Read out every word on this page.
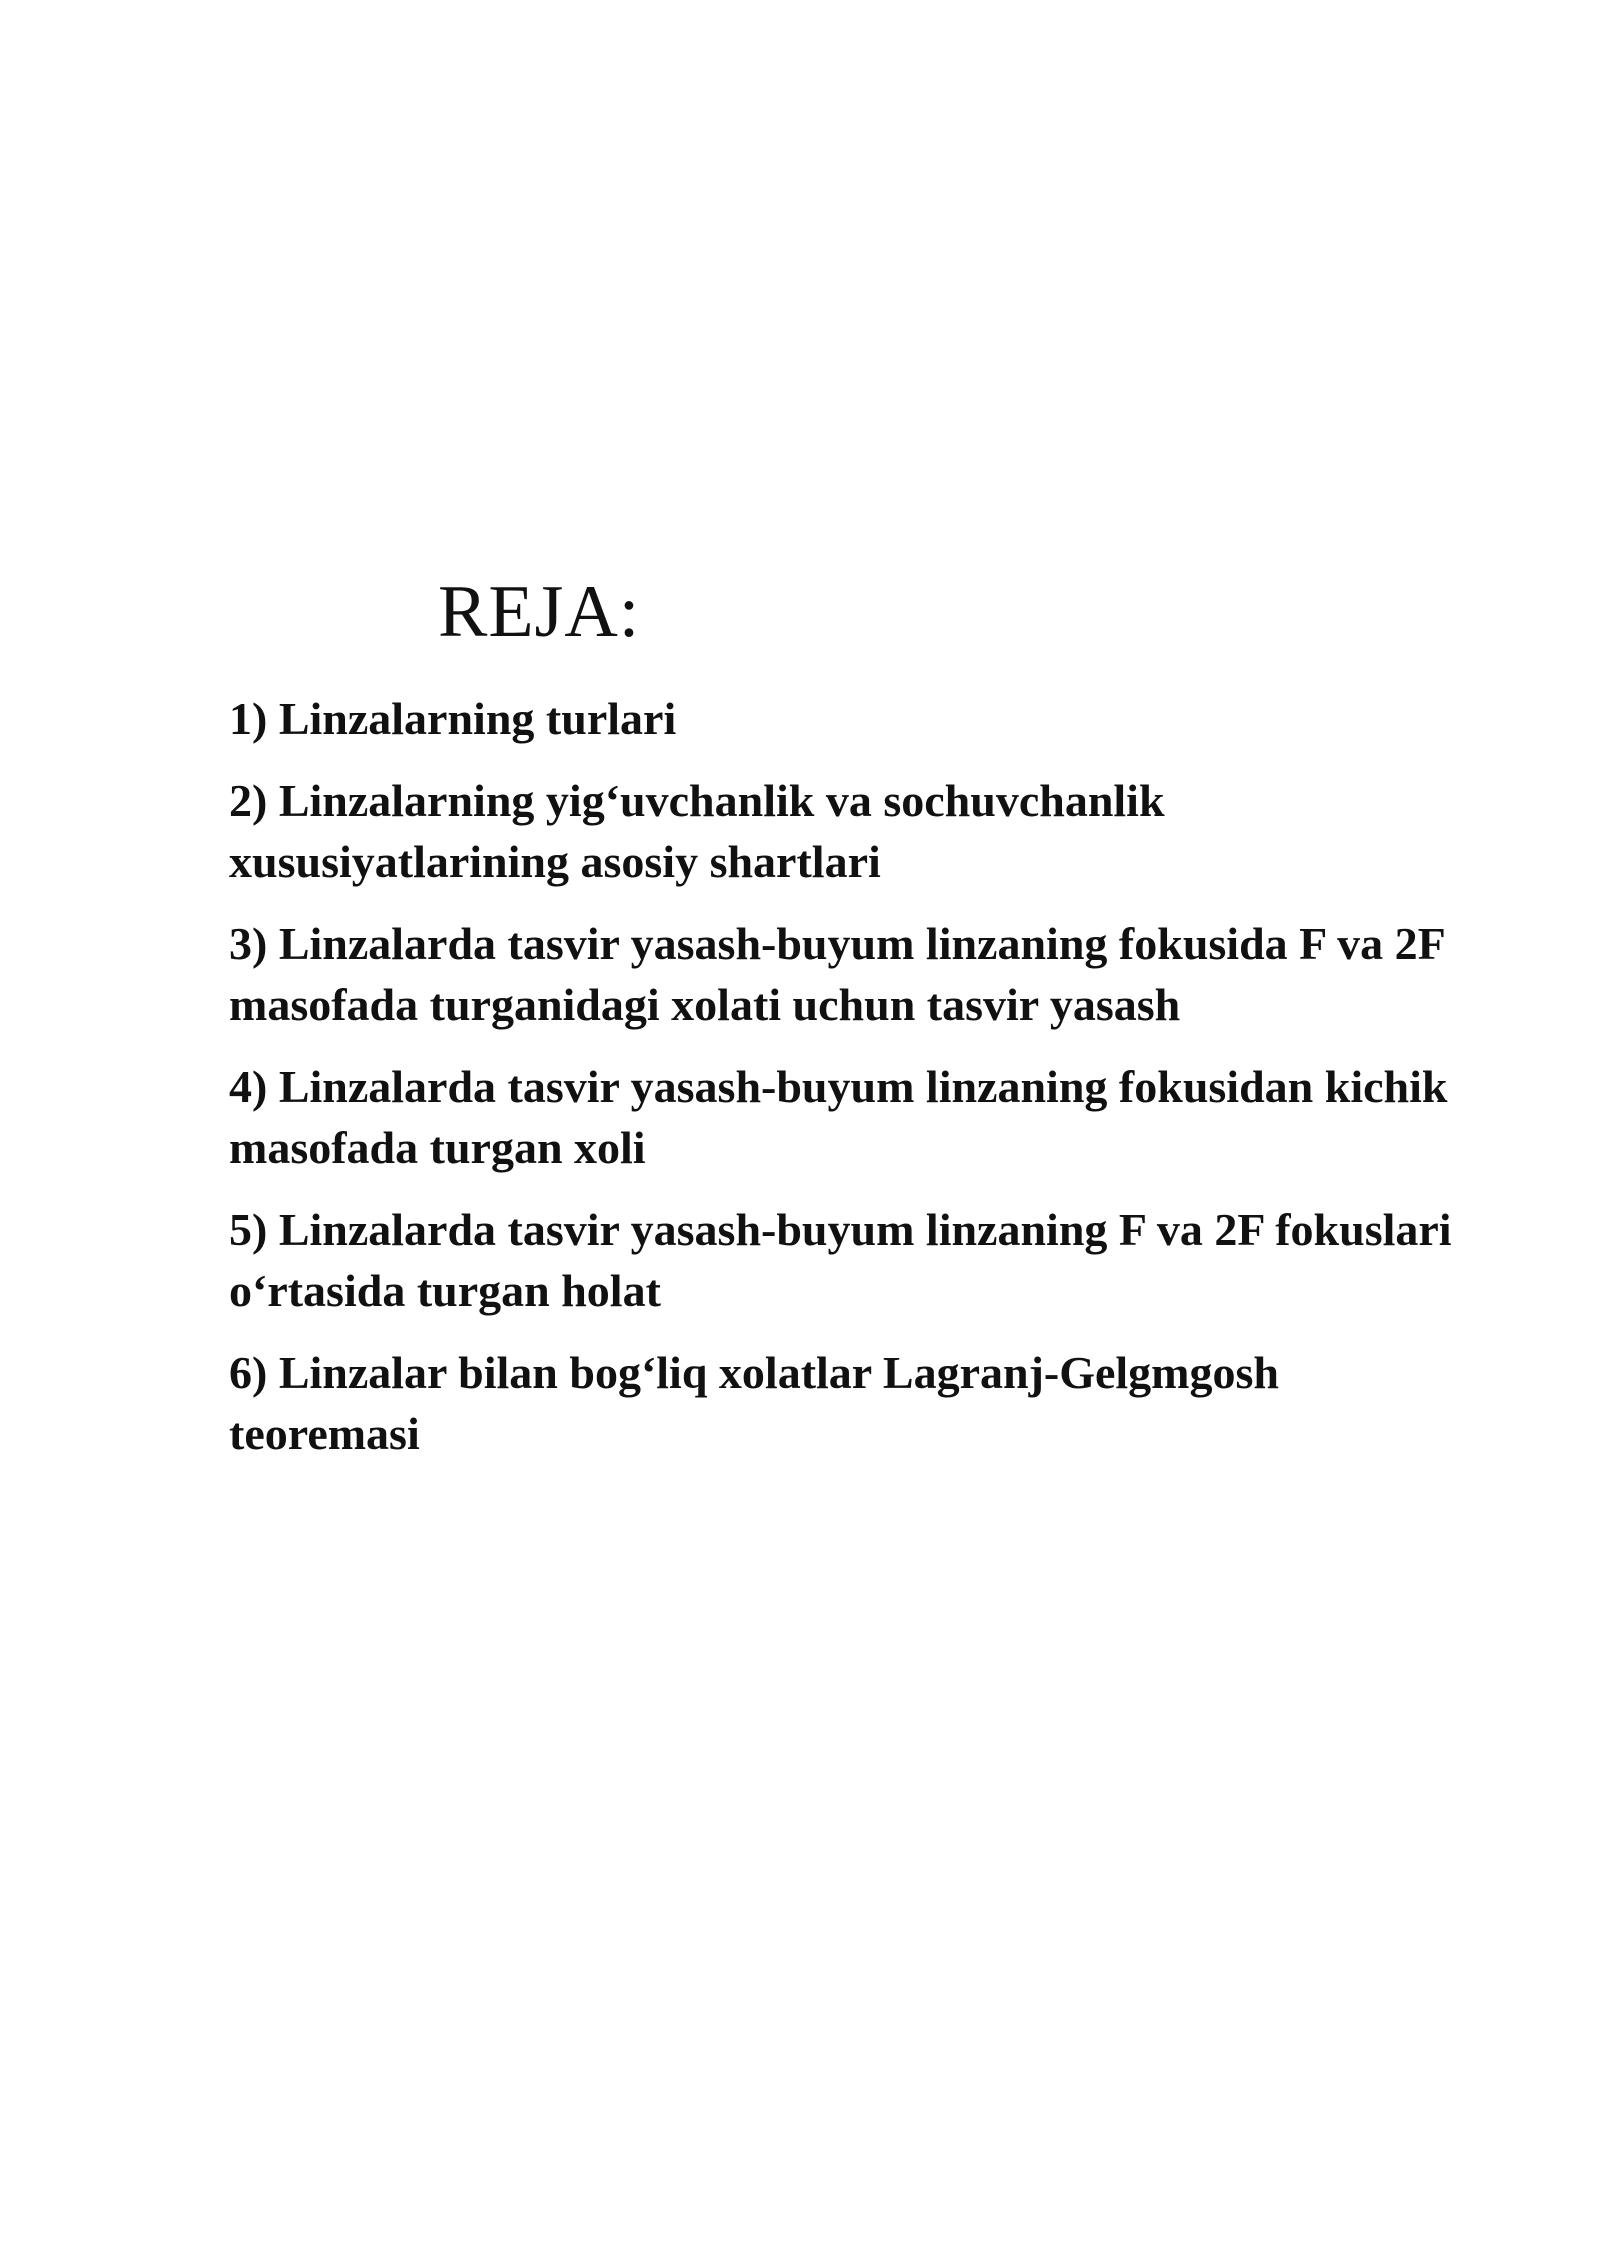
REJA:
1) Linzalarning turlari
2) Linzalarning yig‘uvchanlik va sochuvchanlik xususiyatlarining asosiy shartlari
3) Linzalarda tasvir yasash-buyum linzaning fokusida F va 2F masofada turganidagi xolati uchun tasvir yasash
4) Linzalarda tasvir yasash-buyum linzaning fokusidan kichik masofada turgan xoli
5) Linzalarda tasvir yasash-buyum linzaning F va 2F fokuslari o‘rtasida turgan holat
6) Linzalar bilan bog‘liq xolatlar Lagranj-Gelgmgosh teoremasi
